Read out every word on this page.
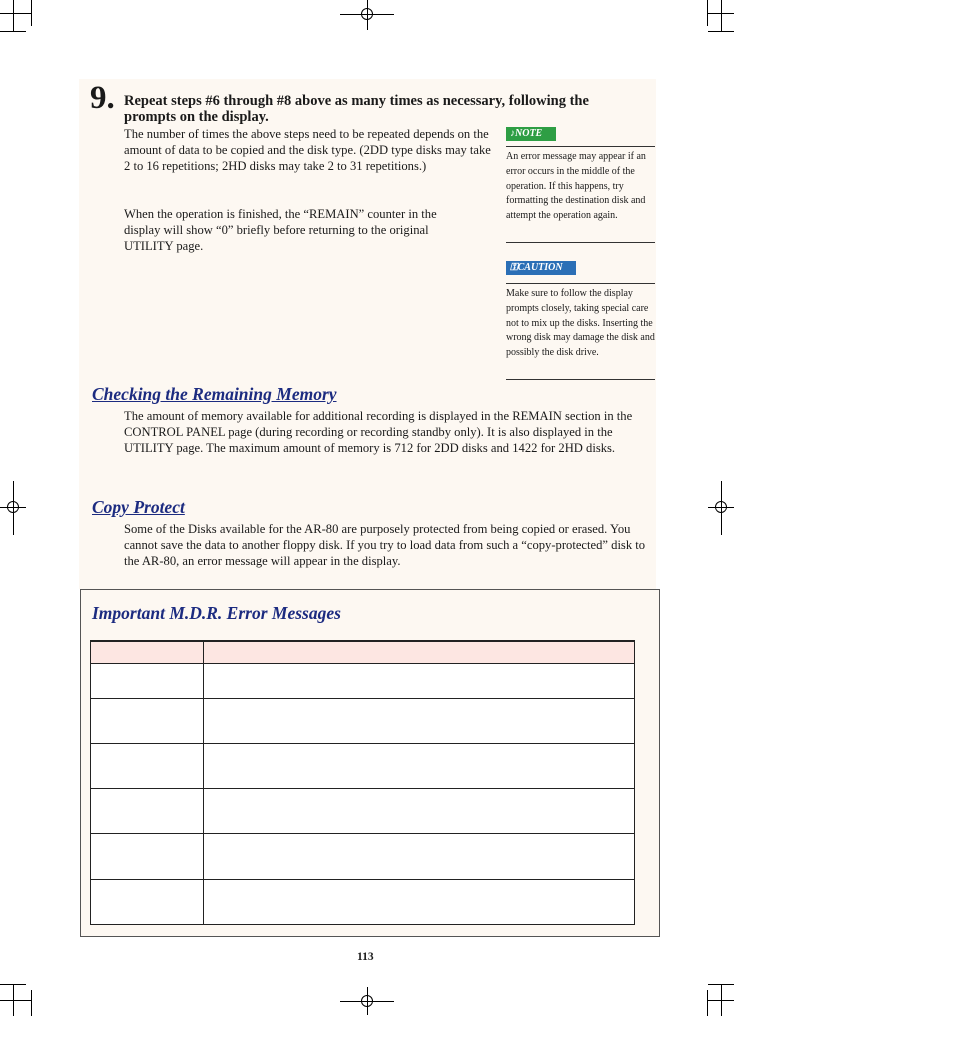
9. Repeat steps #6 through #8 above as many times as necessary, following the prompts on the display.
The number of times the above steps need to be repeated depends on the amount of data to be copied and the disk type. (2DD type disks may take 2 to 16 repetitions; 2HD disks may take 2 to 31 repetitions.)
When the operation is finished, the “REMAIN” counter in the display will show “0” briefly before returning to the original UTILITY page.
♪NOTE
An error message may appear if an error occurs in the middle of the operation. If this happens, try formatting the destination disk and attempt the operation again.
⚿CAUTION
Make sure to follow the display prompts closely, taking special care not to mix up the disks. Inserting the wrong disk may damage the disk and possibly the disk drive.
Checking the Remaining Memory
The amount of memory available for additional recording is displayed in the REMAIN section in the CONTROL PANEL page (during recording or recording standby only). It is also displayed in the UTILITY page. The maximum amount of memory is 712 for 2DD disks and 1422 for 2HD disks.
Copy Protect
Some of the Disks available for the AR-80 are purposely protected from being copied or erased. You cannot save the data to another floppy disk. If you try to load data from such a “copy-protected” disk to the AR-80, an error message will appear in the display.
Important M.D.R. Error Messages

113
